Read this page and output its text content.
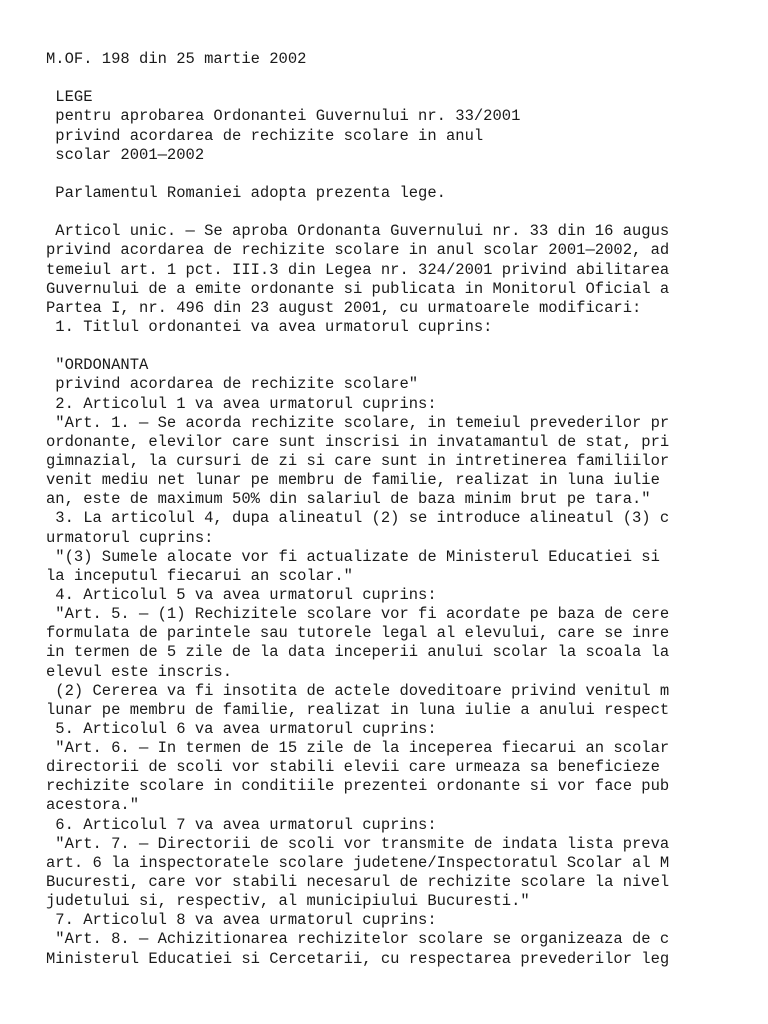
M.OF. 198 din 25 martie 2002
LEGE
pentru aprobarea Ordonantei Guvernului nr. 33/2001
privind acordarea de rechizite scolare in anul
scolar 2001—2002
Parlamentul Romaniei adopta prezenta lege.
Articol unic. — Se aproba Ordonanta Guvernului nr. 33 din 16 augus
privind acordarea de rechizite scolare in anul scolar 2001—2002, ad
temeiul art. 1 pct. III.3 din Legea nr. 324/2001 privind abilitarea
Guvernului de a emite ordonante si publicata in Monitorul Oficial a
Partea I, nr. 496 din 23 august 2001, cu urmatoarele modificari:
1. Titlul ordonantei va avea urmatorul cuprins:
"ORDONANTA
privind acordarea de rechizite scolare"
2. Articolul 1 va avea urmatorul cuprins:
"Art. 1. — Se acorda rechizite scolare, in temeiul prevederilor pr
ordonante, elevilor care sunt inscrisi in invatamantul de stat, pri
gimnazial, la cursuri de zi si care sunt in intretinerea familiilor
venit mediu net lunar pe membru de familie, realizat in luna iulie
an, este de maximum 50% din salariul de baza minim brut pe tara."
3. La articolul 4, dupa alineatul (2) se introduce alineatul (3) c
urmatorul cuprins:
"(3) Sumele alocate vor fi actualizate de Ministerul Educatiei si
la inceputul fiecarui an scolar."
4. Articolul 5 va avea urmatorul cuprins:
"Art. 5. — (1) Rechizitele scolare vor fi acordate pe baza de cere
formulata de parintele sau tutorele legal al elevului, care se inre
in termen de 5 zile de la data inceperii anului scolar la scoala la
elevul este inscris.
(2) Cererea va fi insotita de actele doveditoare privind venitul m
lunar pe membru de familie, realizat in luna iulie a anului respect
5. Articolul 6 va avea urmatorul cuprins:
"Art. 6. — In termen de 15 zile de la inceperea fiecarui an scolar
directorii de scoli vor stabili elevii care urmeaza sa beneficieze
rechizite scolare in conditiile prezentei ordonante si vor face pub
acestora."
6. Articolul 7 va avea urmatorul cuprins:
"Art. 7. — Directorii de scoli vor transmite de indata lista preva
art. 6 la inspectoratele scolare judetene/Inspectoratul Scolar al M
Bucuresti, care vor stabili necesarul de rechizite scolare la nivel
judetului si, respectiv, al municipiului Bucuresti."
7. Articolul 8 va avea urmatorul cuprins:
"Art. 8. — Achizitionarea rechizitelor scolare se organizeaza de c
Ministerul Educatiei si Cercetarii, cu respectarea prevederilor leg
